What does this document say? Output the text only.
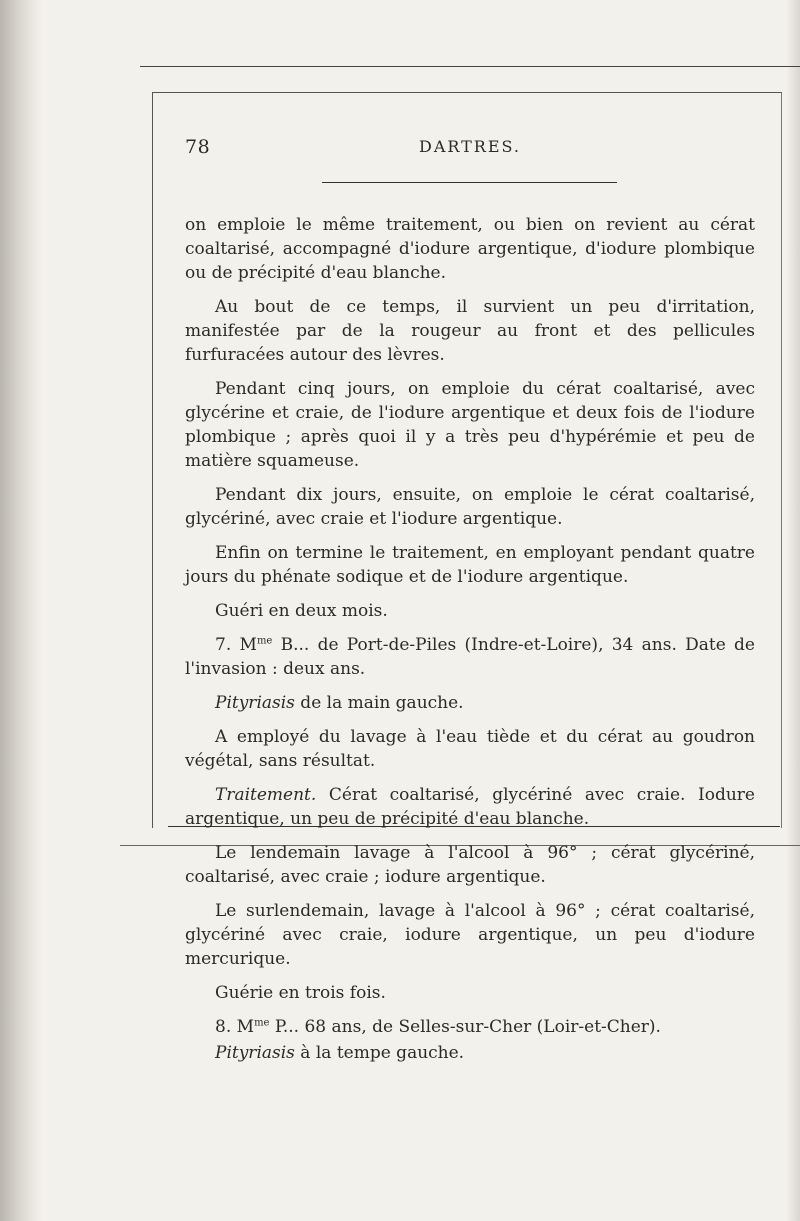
78	DARTRES.

on emploie le même traitement, ou bien on revient au cérat coaltarisé, accompagné d'iodure argentique, d'iodure plombique ou de précipité d'eau blanche.

Au bout de ce temps, il survient un peu d'irritation, manifestée par de la rougeur au front et des pellicules furfuracées autour des lèvres.

Pendant cinq jours, on emploie du cérat coaltarisé, avec glycérine et craie, de l'iodure argentique et deux fois de l'iodure plombique ; après quoi il y a très peu d'hypérémie et peu de matière squameuse.

Pendant dix jours, ensuite, on emploie le cérat coaltarisé, glycériné, avec craie et l'iodure argentique.

Enfin on termine le traitement, en employant pendant quatre jours du phénate sodique et de l'iodure argentique.

Guéri en deux mois.

7. $M^{me}$ B... de Port-de-Piles (Indre-et-Loire), 34 ans. Date de l'invasion : deux ans.

Pityriasis de la main gauche.

A employé du lavage à l'eau tiède et du cérat au goudron végétal, sans résultat.

Traitement. Cérat coaltarisé, glycériné avec craie. Iodure argentique, un peu de précipité d'eau blanche.

Le lendemain lavage à l'alcool à 96° ; cérat glycériné, coaltarisé, avec craie ; iodure argentique.

Le surlendemain, lavage à l'alcool à 96° ; cérat coaltarisé, glycériné avec craie, iodure argentique, un peu d'iodure mercurique.

Guérie en trois fois.

8. $M^{me}$ P... 68 ans, de Selles-sur-Cher (Loir-et-Cher).

Pityriasis à la tempe gauche.
